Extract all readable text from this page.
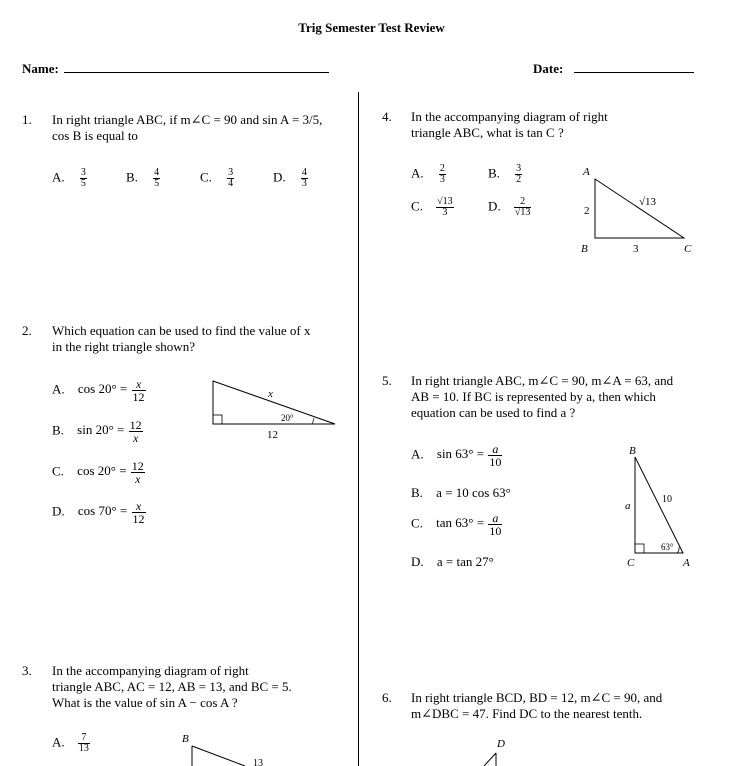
Trig Semester Test Review
Name:	Date:
1. In right triangle ABC, if m∠C = 90 and sin A = 3/5,
cos B is equal to
A. $\frac{3}{5}$	B. $\frac{4}{5}$	C. $\frac{3}{4}$	D. $\frac{4}{3}$
2. Which equation can be used to find the value of x
in the right triangle shown?
A. $\cos 20^\circ = \frac{x}{12}$
B. $\sin 20^\circ = \frac{12}{x}$
C. $\cos 20^\circ = \frac{12}{x}$
D. $\cos 70^\circ = \frac{x}{12}$
x
20°
12
3. In the accompanying diagram of right
triangle ABC, AC = 12, AB = 13, and BC = 5.
What is the value of sin A − cos A ?
A. $\frac{7}{13}$	B
13
4. In the accompanying diagram of right
triangle ABC, what is tan C ?
A. $\frac{2}{3}$	B. $\frac{3}{2}$
C. $\frac{√13}{3}$	D. $\frac{2}{√13}$
A
B	C
2
3
√13
5. In right triangle ABC, m∠C = 90, m∠A = 63, and
AB = 10. If BC is represented by a, then which
equation can be used to find a ?
A. $\sin 63^\circ = \frac{a}{10}$
B. a = 10 cos 63°
C. $\tan 63^\circ = \frac{a}{10}$
D. a = tan 27°
B
C	A
a
10
63°
6. In right triangle BCD, BD = 12, m∠C = 90, and
m∠DBC = 47. Find DC to the nearest tenth.
D
